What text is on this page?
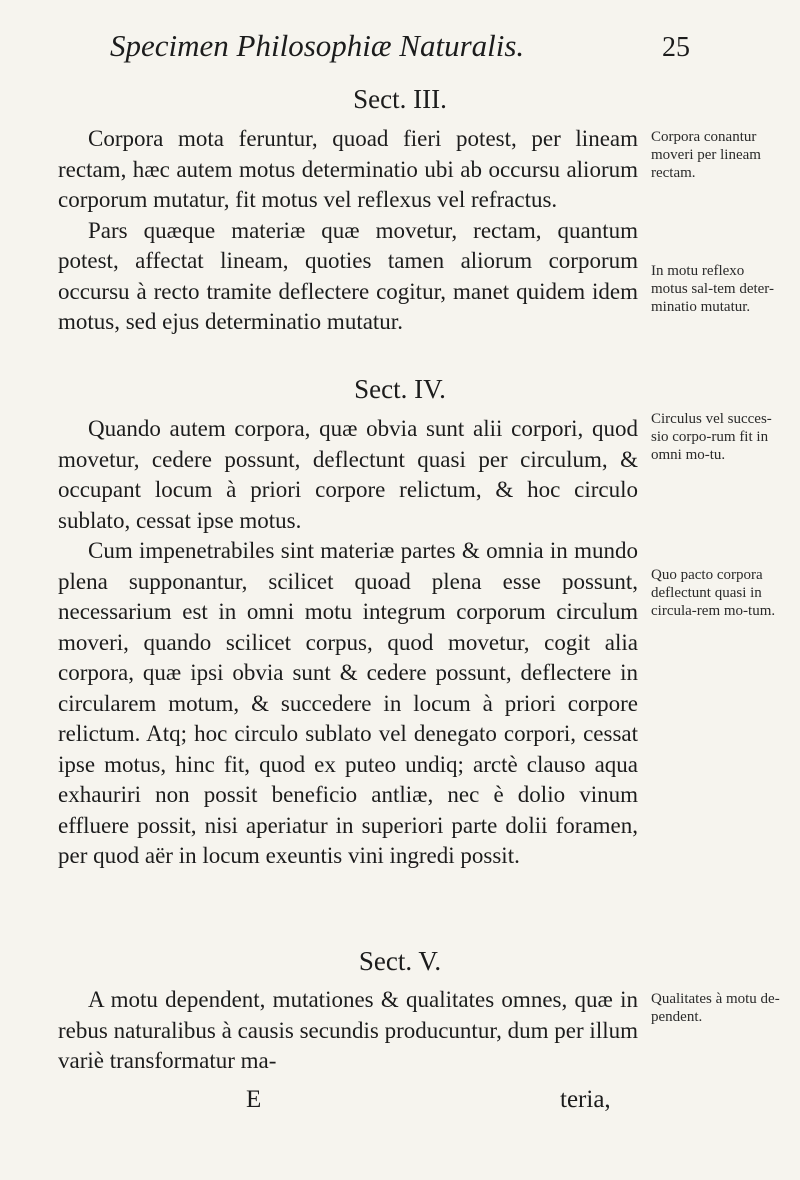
Specimen Philosophiæ Naturalis.	25
Sect. III.

Corpora mota feruntur, quoad fieri potest, per lineam rectam, hæc autem motus determinatio ubi ab occursu aliorum corporum mutatur, fit motus vel reflexus vel refractus.

Pars quæque materiæ quæ movetur, rectam, quantum potest, affectat lineam, quoties tamen aliorum corporum occursu à recto tramite deflectere cogitur, manet quidem idem motus, sed ejus determinatio mutatur.

Sect. IV.

Quando autem corpora, quæ obvia sunt alii corpori, quod movetur, cedere possunt, deflectunt quasi per circulum, & occupant locum à priori corpore relictum, & hoc circulo sublato, cessat ipse motus.

Cum impenetrabiles sint materiæ partes & omnia in mundo plena supponantur, scilicet quoad plena esse possunt, necessarium est in omni motu integrum corporum circulum moveri, quando scilicet corpus, quod movetur, cogit alia corpora, quæ ipsi obvia sunt & cedere possunt, deflectere in circularem motum, & succedere in locum à priori corpore relictum. Atq; hoc circulo sublato vel denegato corpori, cessat ipse motus, hinc fit, quod ex puteo undiq; arctè clauso aqua exhauriri non possit beneficio antliæ, nec è dolio vinum effluere possit, nisi aperiatur in superiori parte dolii foramen, per quod aër in locum exeuntis vini ingredi possit.

Sect. V.

A motu dependent, mutationes & qualitates omnes, quæ in rebus naturalibus à causis secundis producuntur, dum per illum variè transformatur ma-

Corpora conantur moveri per lineam rectam.
In motu reflexo motus sal-tem deter-minatio mutatur.
Circulus vel succes-sio corpo-rum fit in omni mo-tu.
Quo pacto corpora deflectunt quasi in circula-rem mo-tum.
Qualitates à motu de-pendent.
E	teria,
